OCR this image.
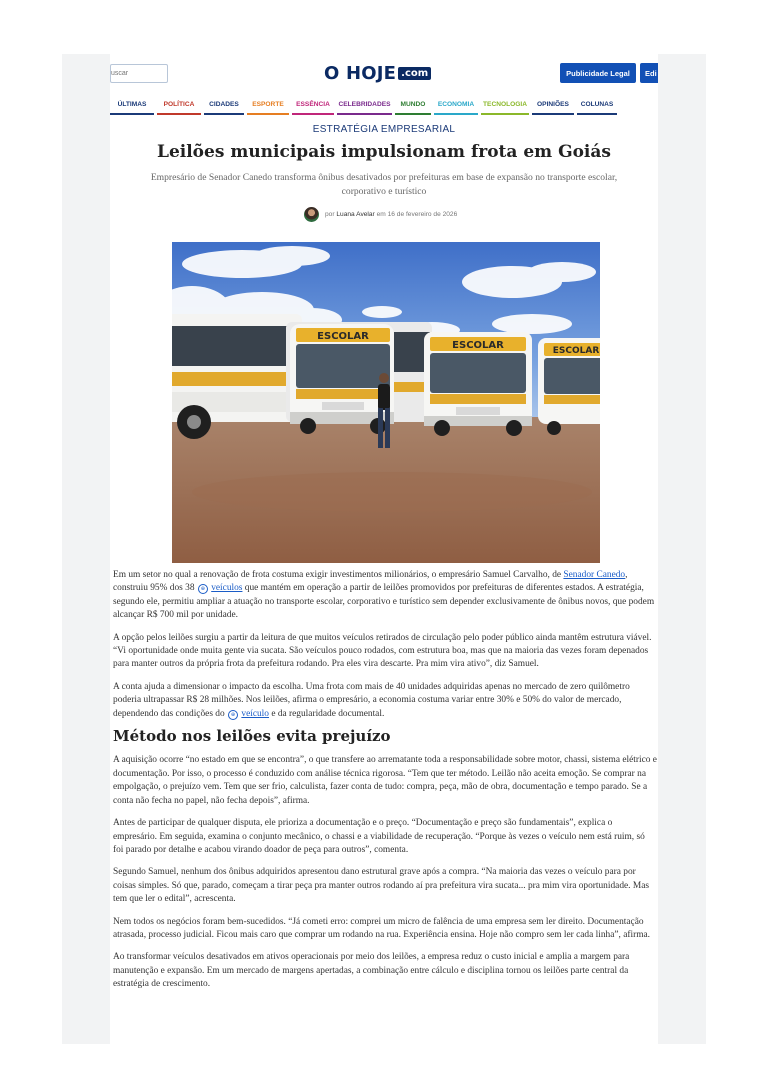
uscar
O HOJE .com	Publicidade Legal	Edi
ÚLTIMAS	POLÍTICA	CIDADES	ESPORTE	ESSÊNCIA	CELEBRIDADES	MUNDO	ECONOMIA	TECNOLOGIA	OPINIÕES	COLUNAS
ESTRATÉGIA EMPRESARIAL
Leilões municipais impulsionam frota em Goiás

Empresário de Senador Canedo transforma ônibus desativados por prefeituras em base de expansão no transporte escolar, corporativo e turístico

por
Luana Avelar
em
16 de fevereiro de 2026
ESCOLAR
ESCOLAR	ESCOLAR

Em um setor no qual a renovação de frota costuma exigir investimentos milionários, o empresário Samuel Carvalho, de Senador Canedo, construiu 95% dos 38 ⊕ veículos que mantém em operação a partir de leilões promovidos por prefeituras de diferentes estados. A estratégia, segundo ele, permitiu ampliar a atuação no transporte escolar, corporativo e turístico sem depender exclusivamente de ônibus novos, que podem alcançar R$ 700 mil por unidade.

A opção pelos leilões surgiu a partir da leitura de que muitos veículos retirados de circulação pelo poder público ainda mantêm estrutura viável. “Vi oportunidade onde muita gente via sucata. São veículos pouco rodados, com estrutura boa, mas que na maioria das vezes foram depenados para manter outros da própria frota da prefeitura rodando. Pra eles vira descarte. Pra mim vira ativo”, diz Samuel.

A conta ajuda a dimensionar o impacto da escolha. Uma frota com mais de 40 unidades adquiridas apenas no mercado de zero quilômetro poderia ultrapassar R$ 28 milhões. Nos leilões, afirma o empresário, a economia costuma variar entre 30% e 50% do valor de mercado, dependendo das condições do ⊕ veículo e da regularidade documental.

Método nos leilões evita prejuízo

A aquisição ocorre “no estado em que se encontra”, o que transfere ao arrematante toda a responsabilidade sobre motor, chassi, sistema elétrico e documentação. Por isso, o processo é conduzido com análise técnica rigorosa. “Tem que ter método. Leilão não aceita emoção. Se comprar na empolgação, o prejuízo vem. Tem que ser frio, calculista, fazer conta de tudo: compra, peça, mão de obra, documentação e tempo parado. Se a conta não fecha no papel, não fecha depois”, afirma.

Antes de participar de qualquer disputa, ele prioriza a documentação e o preço. “Documentação e preço são fundamentais”, explica o empresário. Em seguida, examina o conjunto mecânico, o chassi e a viabilidade de recuperação. “Porque às vezes o veículo nem está ruim, só foi parado por detalhe e acabou virando doador de peça para outros”, comenta.

Segundo Samuel, nenhum dos ônibus adquiridos apresentou dano estrutural grave após a compra. “Na maioria das vezes o veículo para por coisas simples. Só que, parado, começam a tirar peça pra manter outros rodando aí pra prefeitura vira sucata... pra mim vira oportunidade. Mas tem que ler o edital”, acrescenta.

Nem todos os negócios foram bem-sucedidos. “Já cometi erro: comprei um micro de falência de uma empresa sem ler direito. Documentação atrasada, processo judicial. Ficou mais caro que comprar um rodando na rua. Experiência ensina. Hoje não compro sem ler cada linha”, afirma.

Ao transformar veículos desativados em ativos operacionais por meio dos leilões, a empresa reduz o custo inicial e amplia a margem para manutenção e expansão. Em um mercado de margens apertadas, a combinação entre cálculo e disciplina tornou os leilões parte central da estratégia de crescimento.
